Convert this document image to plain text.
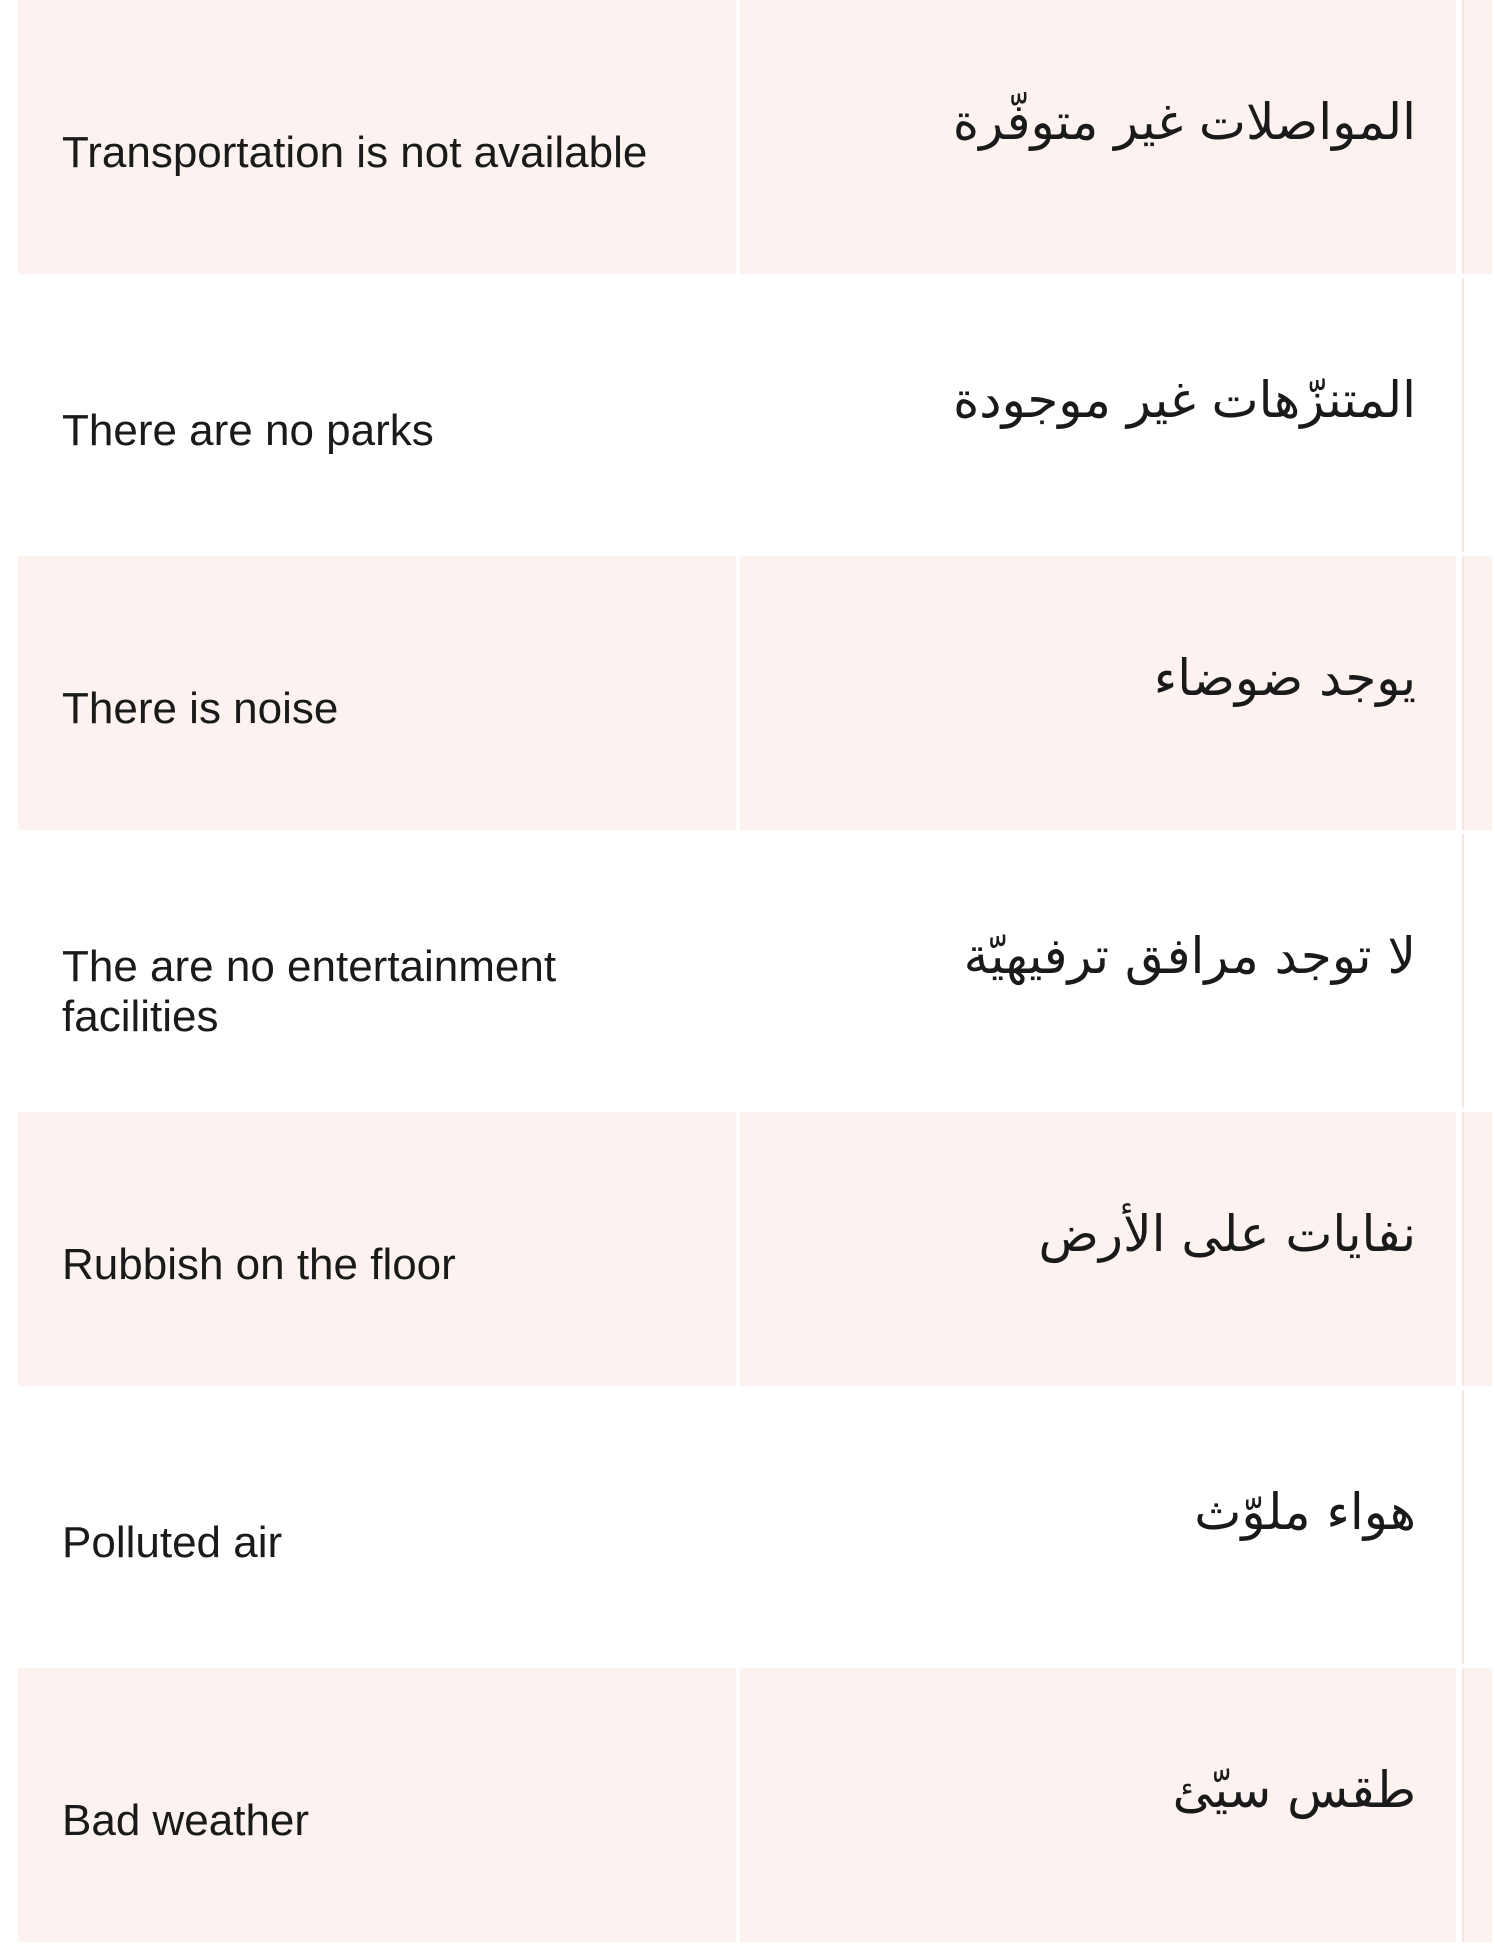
Transportation is not available
المواصلات غير متوفّرة
There are no parks
المتنزّهات غير موجودة
There is noise
يوجد ضوضاء
The are no entertainment
facilities
لا توجد مرافق ترفيهيّة
Rubbish on the floor
نفايات على الأرض
Polluted air
هواء ملوّث
Bad weather
طقس سيّئ
